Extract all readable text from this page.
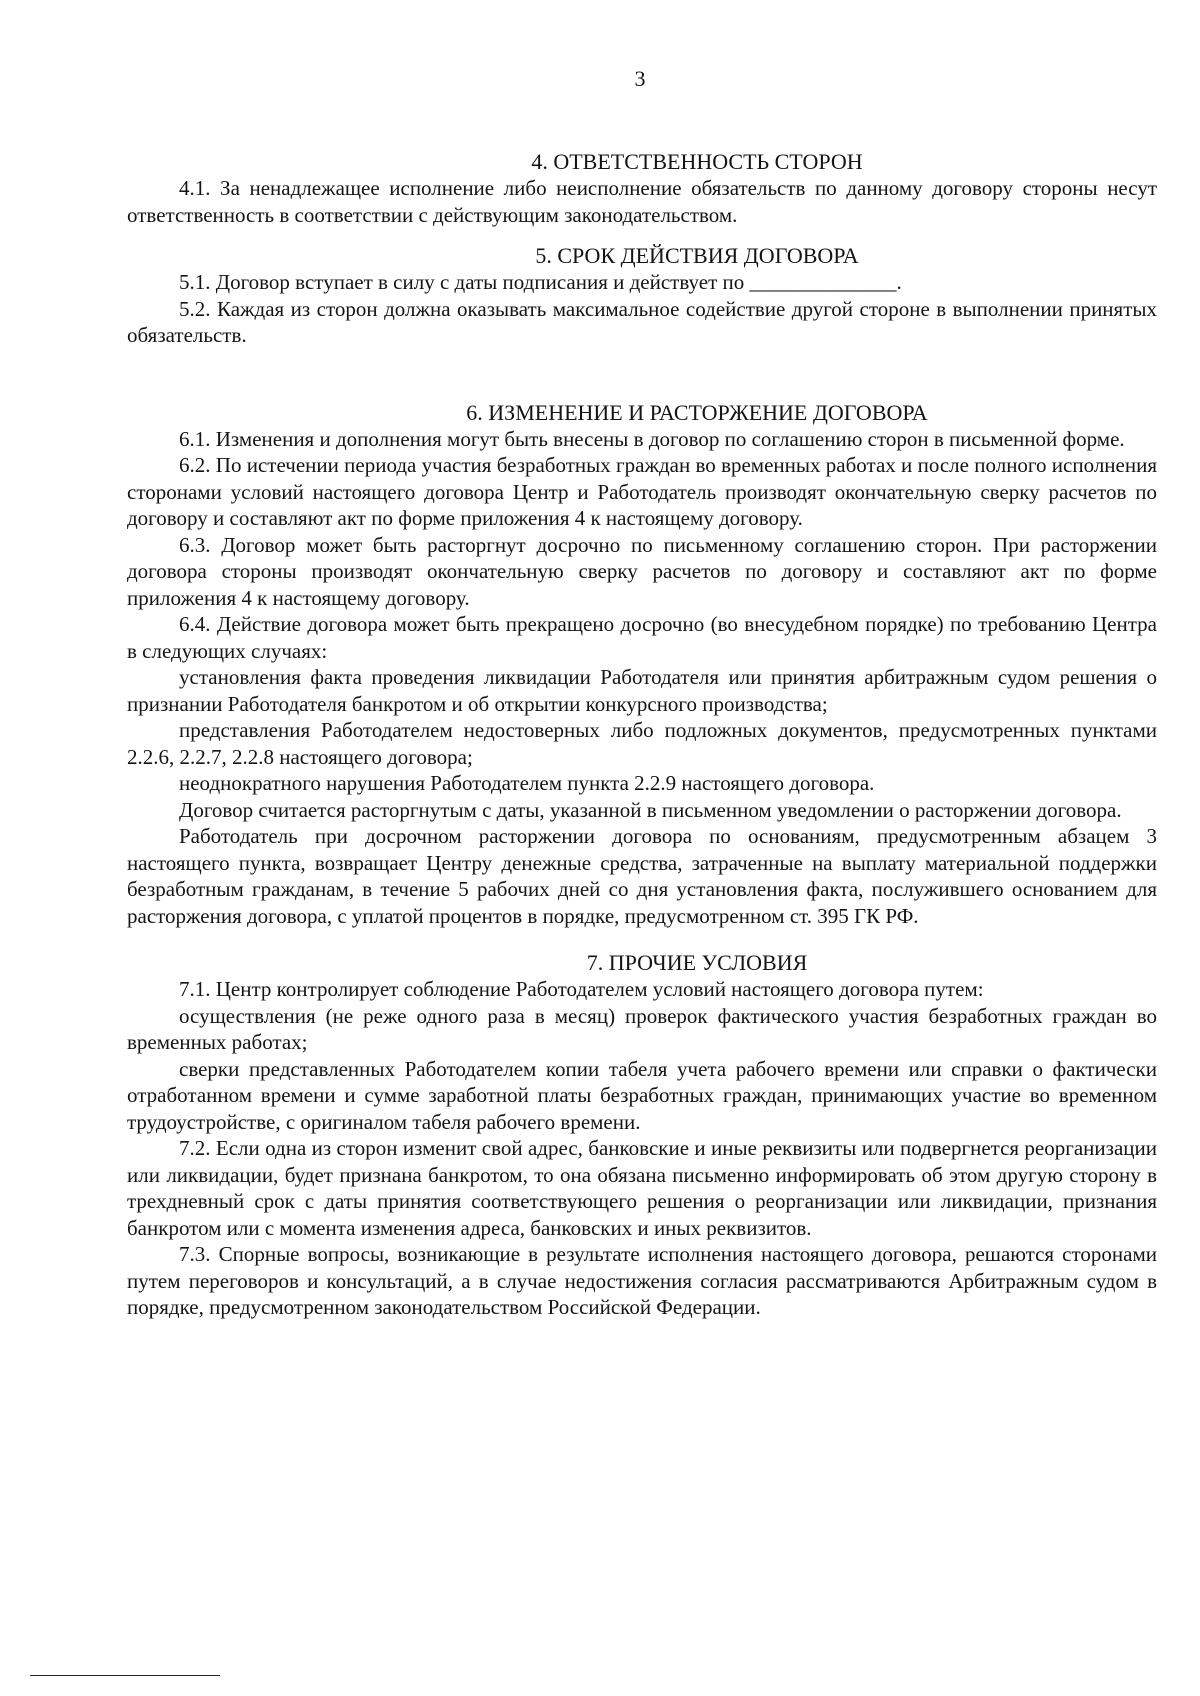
3
4. ОТВЕТСТВЕННОСТЬ СТОРОН

4.1. За ненадлежащее исполнение либо неисполнение обязательств по данному договору стороны несут ответственность в соответствии с действующим законодательством.

5. СРОК ДЕЙСТВИЯ ДОГОВОРА

5.1. Договор вступает в силу с даты подписания и действует по ______________.

5.2. Каждая из сторон должна оказывать максимальное содействие другой стороне в выполнении принятых обязательств.

6. ИЗМЕНЕНИЕ И РАСТОРЖЕНИЕ ДОГОВОРА

6.1. Изменения и дополнения могут быть внесены в договор по соглашению сторон в письменной форме.

6.2. По истечении периода участия безработных граждан во временных работах и после полного исполнения сторонами условий настоящего договора Центр и Работодатель производят окончательную сверку расчетов по договору и составляют акт по форме приложения 4 к настоящему договору.

6.3. Договор может быть расторгнут досрочно по письменному соглашению сторон. При расторжении договора стороны производят окончательную сверку расчетов по договору и составляют акт по форме приложения 4 к настоящему договору.

6.4. Действие договора может быть прекращено досрочно (во внесудебном порядке) по требованию Центра в следующих случаях:

установления факта проведения ликвидации Работодателя или принятия арбитражным судом решения о признании Работодателя банкротом и об открытии конкурсного производства;

представления Работодателем недостоверных либо подложных документов, предусмотренных пунктами 2.2.6, 2.2.7, 2.2.8 настоящего договора;

неоднократного нарушения Работодателем пункта 2.2.9 настоящего договора.

Договор считается расторгнутым с даты, указанной в письменном уведомлении о расторжении договора.

Работодатель при досрочном расторжении договора по основаниям, предусмотренным абзацем 3 настоящего пункта, возвращает Центру денежные средства, затраченные на выплату материальной поддержки безработным гражданам, в течение 5 рабочих дней со дня установления факта, послужившего основанием для расторжения договора, с уплатой процентов в порядке, предусмотренном ст. 395 ГК РФ.

7. ПРОЧИЕ УСЛОВИЯ

7.1. Центр контролирует соблюдение Работодателем условий настоящего договора путем:

осуществления (не реже одного раза в месяц) проверок фактического участия безработных граждан во временных работах;

сверки представленных Работодателем копии табеля учета рабочего времени или справки о фактически отработанном времени и сумме заработной платы безработных граждан, принимающих участие во временном трудоустройстве, с оригиналом табеля рабочего времени.

7.2. Если одна из сторон изменит свой адрес, банковские и иные реквизиты или подвергнется реорганизации или ликвидации, будет признана банкротом, то она обязана письменно информировать об этом другую сторону в трехдневный срок с даты принятия соответствующего решения о реорганизации или ликвидации, признания банкротом или с момента изменения адреса, банковских и иных реквизитов.

7.3. Спорные вопросы, возникающие в результате исполнения настоящего договора, решаются сторонами путем переговоров и консультаций, а в случае недостижения согласия рассматриваются Арбитражным судом в порядке, предусмотренном законодательством Российской Федерации.
